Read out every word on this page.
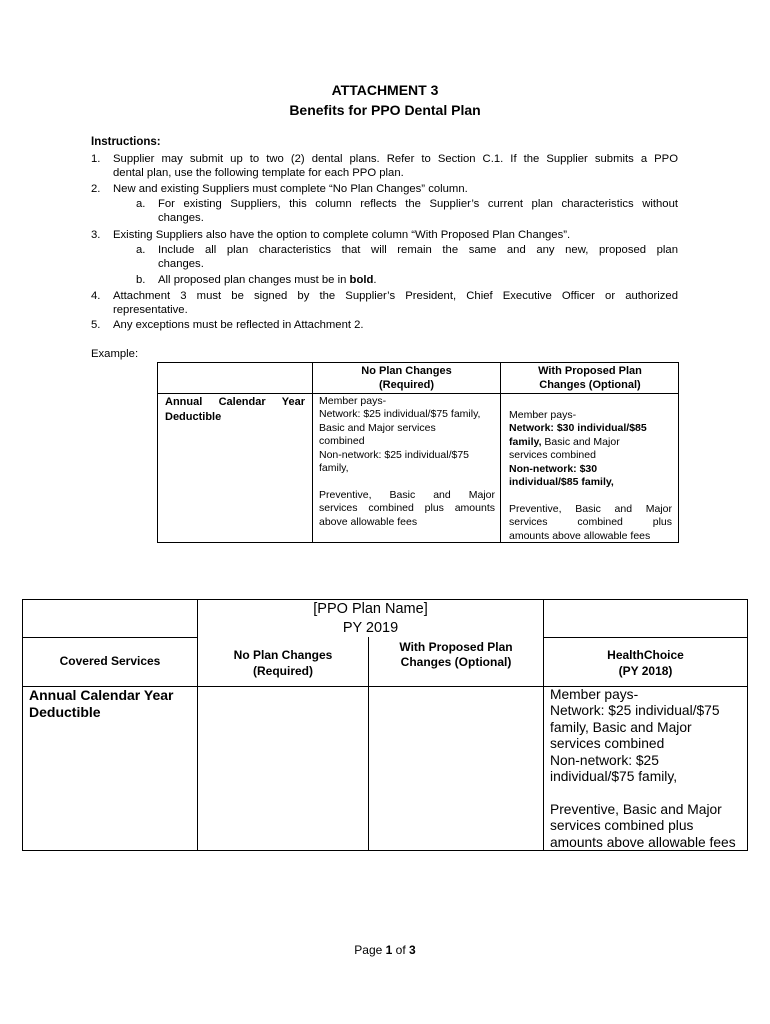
ATTACHMENT 3
Benefits for PPO Dental Plan
Instructions:
1. Supplier may submit up to two (2) dental plans. Refer to Section C.1. If the Supplier submits a PPO
dental plan, use the following template for each PPO plan.
2. New and existing Suppliers must complete “No Plan Changes” column.
a. For existing Suppliers, this column reflects the Supplier’s current plan characteristics without
changes.
3. Existing Suppliers also have the option to complete column “With Proposed Plan Changes”.
a. Include all plan characteristics that will remain the same and any new, proposed plan
changes.
b. All proposed plan changes must be in bold.
4. Attachment 3 must be signed by the Supplier’s President, Chief Executive Officer or authorized
representative.
5. Any exceptions must be reflected in Attachment 2.
Example:
No Plan Changes
(Required)
With Proposed Plan
Changes (Optional)
Annual Calendar Year
Deductible
Member pays-
Network: $25 individual/$75 family,
Basic and Major services
combined
Non-network: $25 individual/$75
family,
Preventive, Basic and Major
services combined plus amounts
above allowable fees
Member pays-
Network: $30 individual/$85
family, Basic and Major
services combined
Non-network: $30
individual/$85 family,
Preventive, Basic and Major
services combined plus
amounts above allowable fees
[PPO Plan Name]
PY 2019
Covered Services	No Plan Changes
(Required)
With Proposed Plan
Changes (Optional)	HealthChoice
(PY 2018)
Annual Calendar Year
Deductible
Member pays-
Network: $25 individual/$75
family, Basic and Major
services combined
Non-network: $25
individual/$75 family,
Preventive, Basic and Major
services combined plus
amounts above allowable fees
Page 1 of 3
